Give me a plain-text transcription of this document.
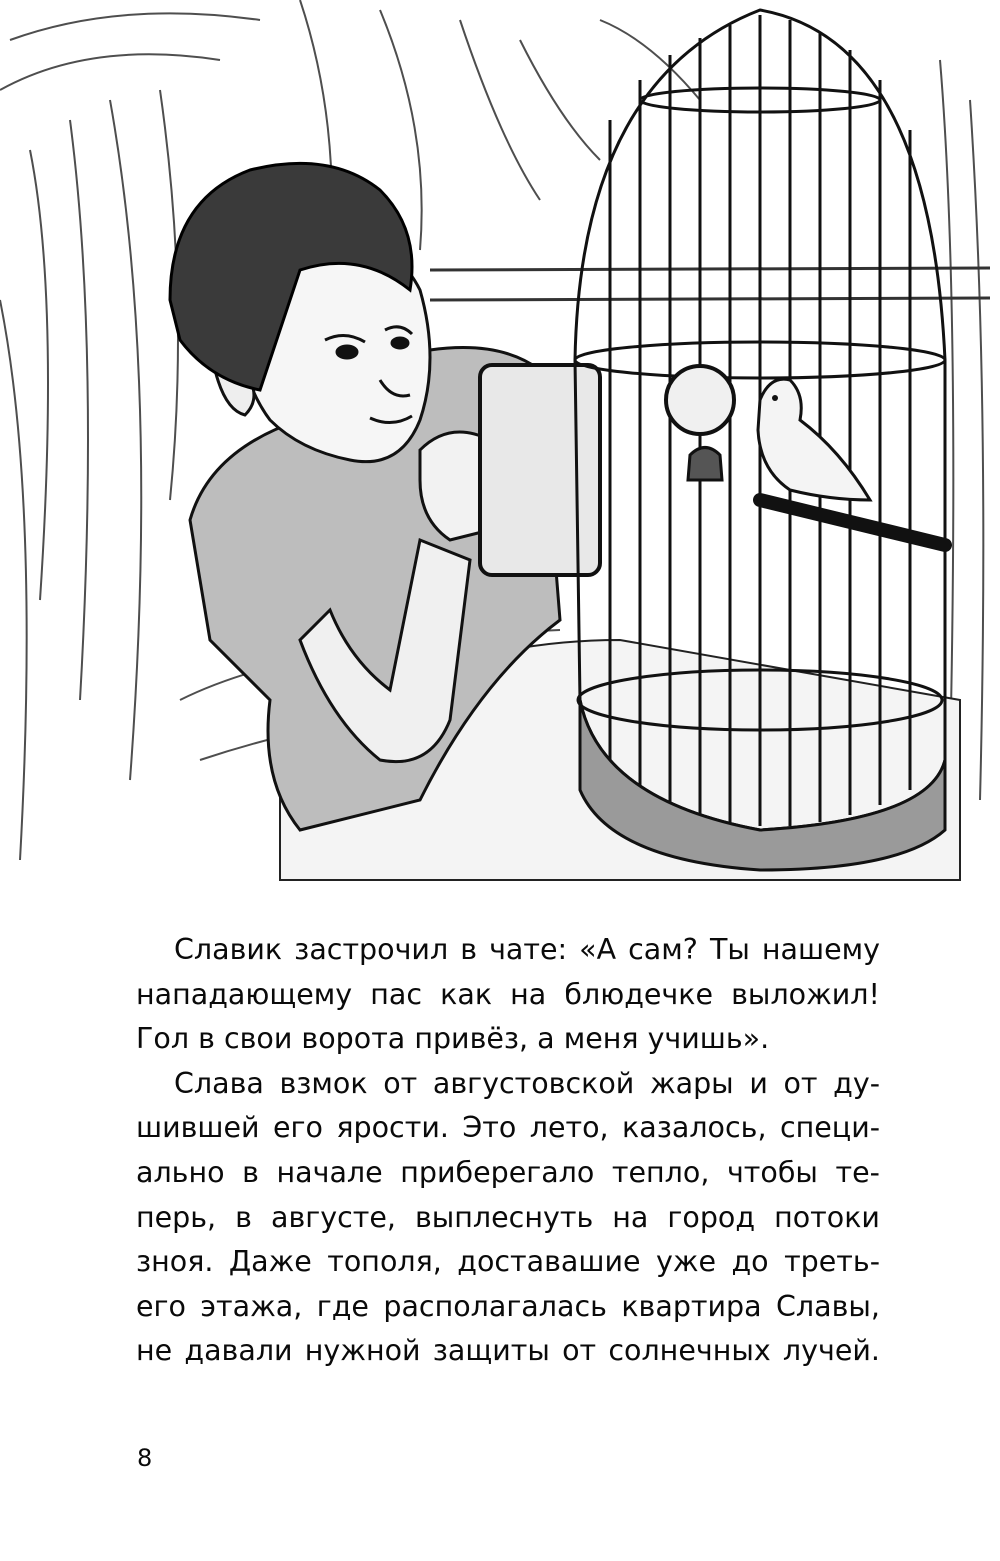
Славик застрочил в чате: «А сам? Ты нашему
нападающему пас как на блюдечке выложил!
Гол в свои ворота привёз, а меня учишь».
Слава взмок от августовской жары и от ду-
шившей его ярости. Это лето, казалось, специ-
ально в начале приберегало тепло, чтобы те-
перь, в августе, выплеснуть на город потоки
зноя. Даже тополя, доставашие уже до треть-
его этажа, где располагалась квартира Славы,
не давали нужной защиты от солнечных лучей.
8
